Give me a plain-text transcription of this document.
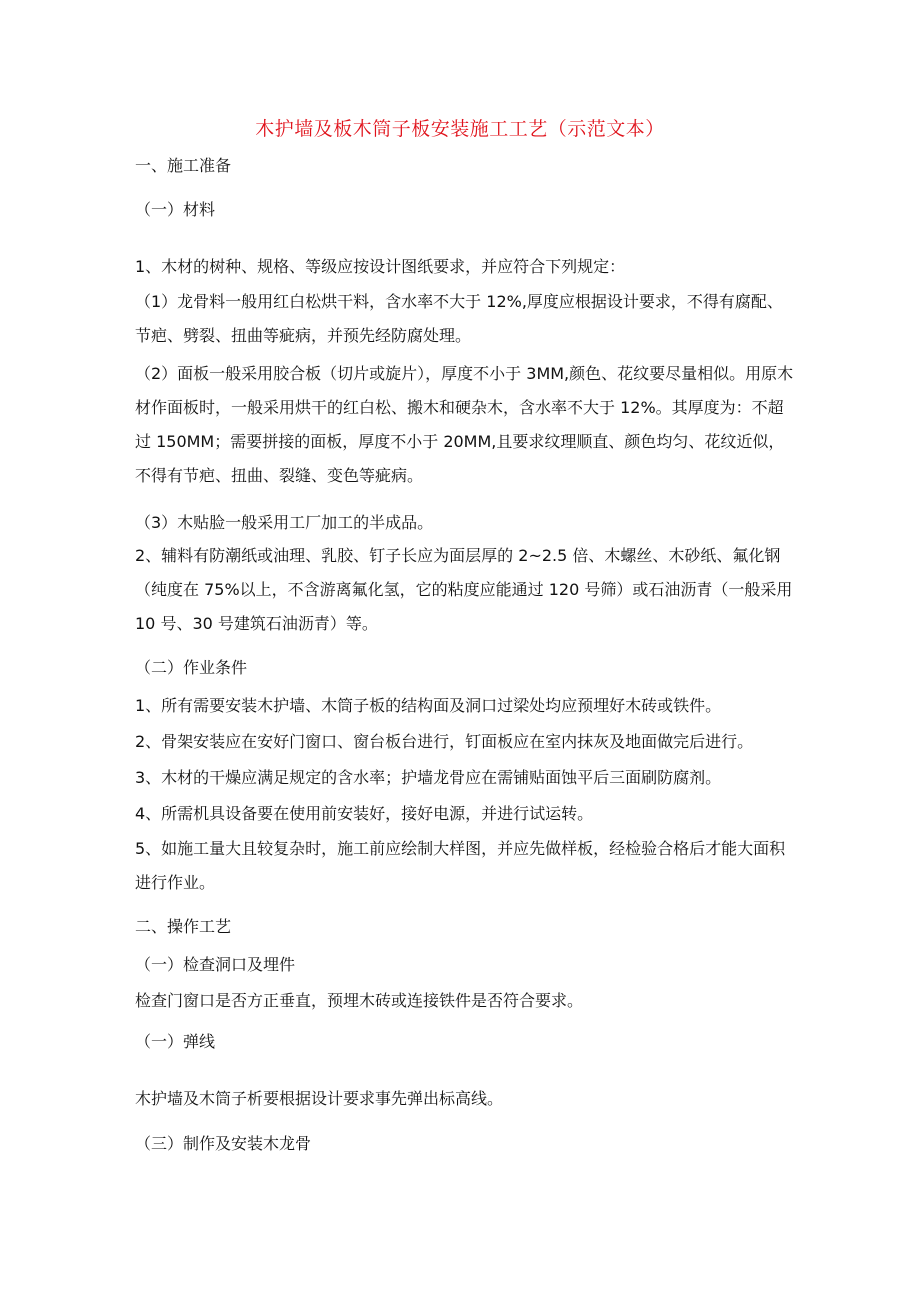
木护墙及板木筒子板安装施工工艺（示范文本）
一、施工准备
（一）材料
1、木材的树种、规格、等级应按设计图纸要求，并应符合下列规定：

（1）龙骨料一般用红白松烘干料，含水率不大于 12%,厚度应根据设计要求，不得有腐配、节疤、劈裂、扭曲等疵病，并预先经防腐处理。

（2）面板一般采用胶合板（切片或旋片），厚度不小于 3MM,颜色、花纹要尽量相似。用原木材作面板时，一般采用烘干的红白松、搬木和硬杂木，含水率不大于 12%。其厚度为：不超过 150MM；需要拼接的面板，厚度不小于 20MM,且要求纹理顺直、颜色均匀、花纹近似，不得有节疤、扭曲、裂缝、变色等疵病。

（3）木贴脸一般采用工厂加工的半成品。

2、辅料有防潮纸或油理、乳胶、钉子长应为面层厚的 2~2.5 倍、木螺丝、木砂纸、氟化钢（纯度在 75%以上，不含游离氟化氢，它的粘度应能通过 120 号筛）或石油沥青（一般采用 10 号、30 号建筑石油沥青）等。

（二）作业条件
1、所有需要安装木护墙、木筒子板的结构面及洞口过梁处均应预埋好木砖或铁件。
2、骨架安装应在安好门窗口、窗台板台进行，钉面板应在室内抹灰及地面做完后进行。
3、木材的干燥应满足规定的含水率；护墙龙骨应在需铺贴面蚀平后三面刷防腐剂。
4、所需机具设备要在使用前安装好，接好电源，并进行试运转。

5、如施工量大且较复杂时，施工前应绘制大样图，并应先做样板，经检验合格后才能大面积进行作业。

二、操作工艺
（一）检查洞口及埋件
检查门窗口是否方正垂直，预埋木砖或连接铁件是否符合要求。
（一）弹线
木护墙及木筒子析要根据设计要求事先弹出标高线。
（三）制作及安装木龙骨
